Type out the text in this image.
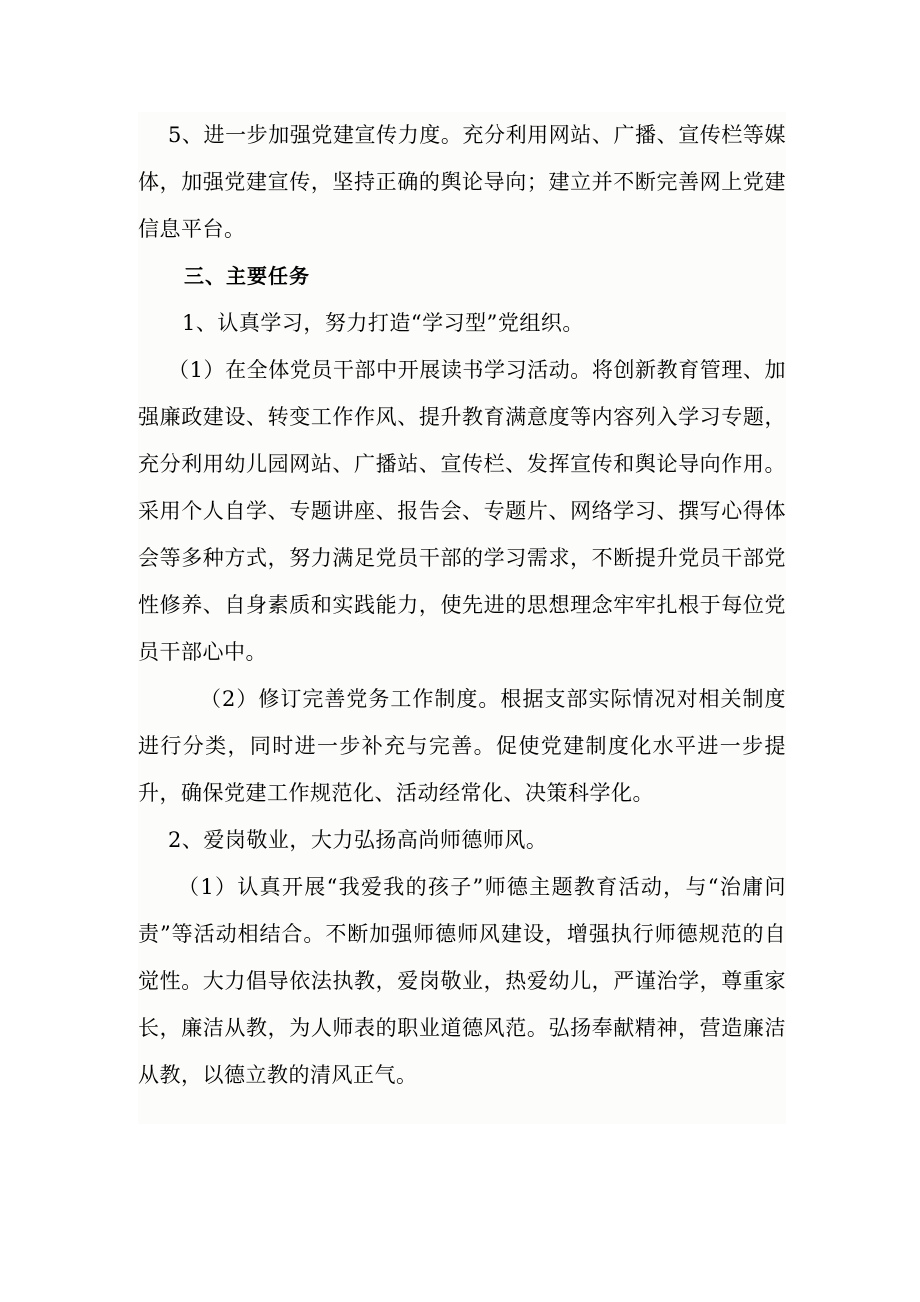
5、进一步加强党建宣传力度。充分利用网站、广播、宣传栏等媒体，加强党建宣传，坚持正确的舆论导向；建立并不断完善网上党建信息平台。

三、主要任务

1、认真学习，努力打造“学习型”党组织。

（1）在全体党员干部中开展读书学习活动。将创新教育管理、加强廉政建设、转变工作作风、提升教育满意度等内容列入学习专题，充分利用幼儿园网站、广播站、宣传栏、发挥宣传和舆论导向作用。采用个人自学、专题讲座、报告会、专题片、网络学习、撰写心得体会等多种方式，努力满足党员干部的学习需求，不断提升党员干部党性修养、自身素质和实践能力，使先进的思想理念牢牢扎根于每位党员干部心中。

（2）修订完善党务工作制度。根据支部实际情况对相关制度进行分类，同时进一步补充与完善。促使党建制度化水平进一步提升，确保党建工作规范化、活动经常化、决策科学化。

2、爱岗敬业，大力弘扬高尚师德师风。

（1）认真开展“我爱我的孩子”师德主题教育活动，与“治庸问责”等活动相结合。不断加强师德师风建设，增强执行师德规范的自觉性。大力倡导依法执教，爱岗敬业，热爱幼儿，严谨治学，尊重家长，廉洁从教，为人师表的职业道德风范。弘扬奉献精神，营造廉洁从教，以德立教的清风正气。
